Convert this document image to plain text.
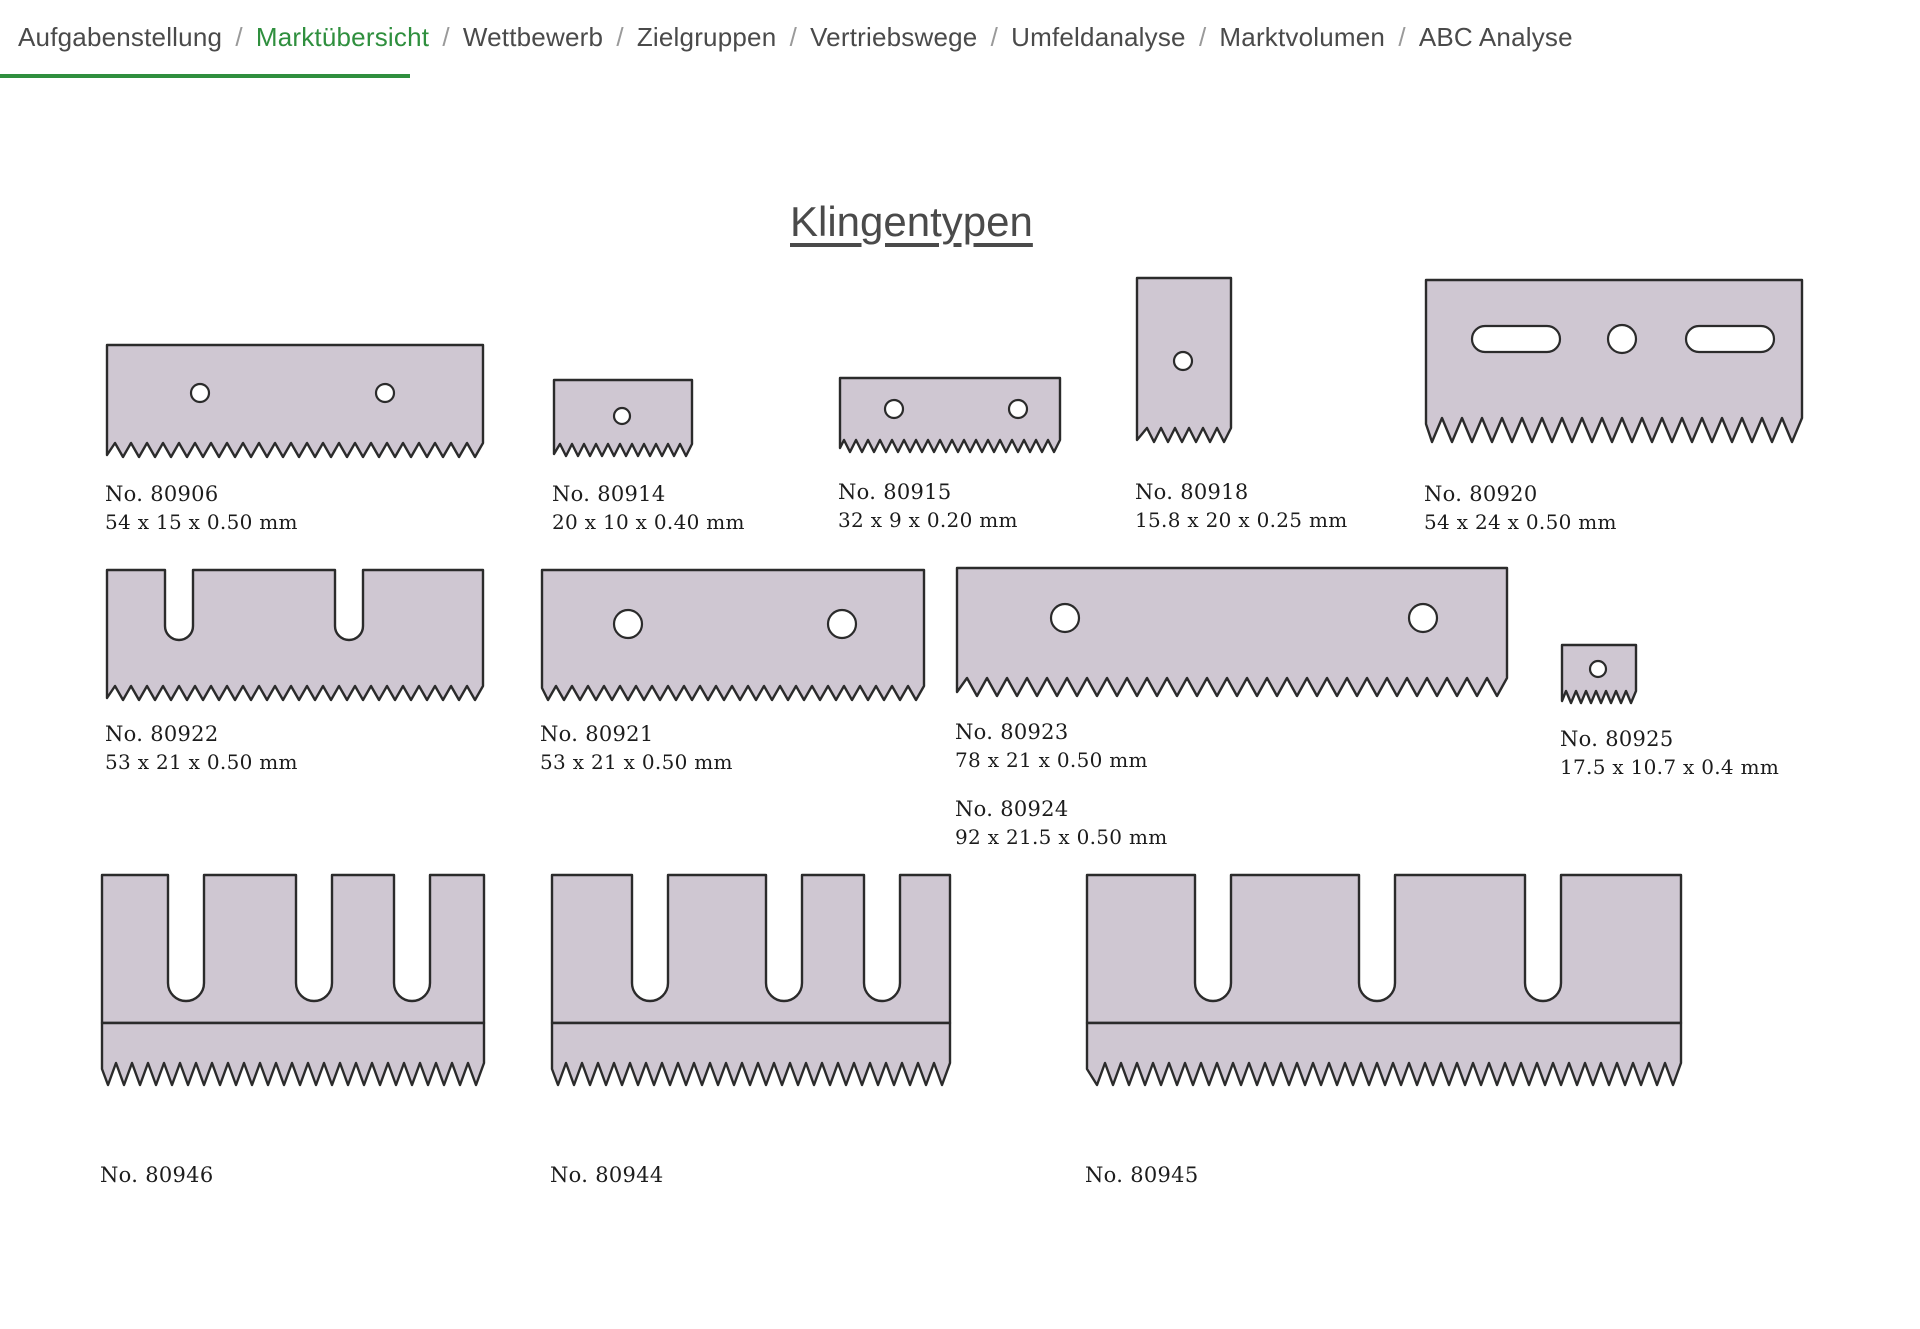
Aufgabenstellung / Marktübersicht / Wettbewerb / Zielgruppen / Vertriebswege / Umfeldanalyse / Marktvolumen / ABC Analyse
Klingentypen
No. 80906
54 x 15 x 0.50 mm
No. 80914
20 x 10 x 0.40 mm
No. 80915
32 x 9 x 0.20 mm
No. 80918
15.8 x 20 x 0.25 mm
No. 80920
54 x 24 x 0.50 mm
No. 80922
53 x 21 x 0.50 mm
No. 80921
53 x 21 x 0.50 mm
No. 80923
78 x 21 x 0.50 mm
No. 80924
92 x 21.5 x 0.50 mm
No. 80925
17.5 x 10.7 x 0.4 mm
No. 80946	No. 80944	No. 80945
